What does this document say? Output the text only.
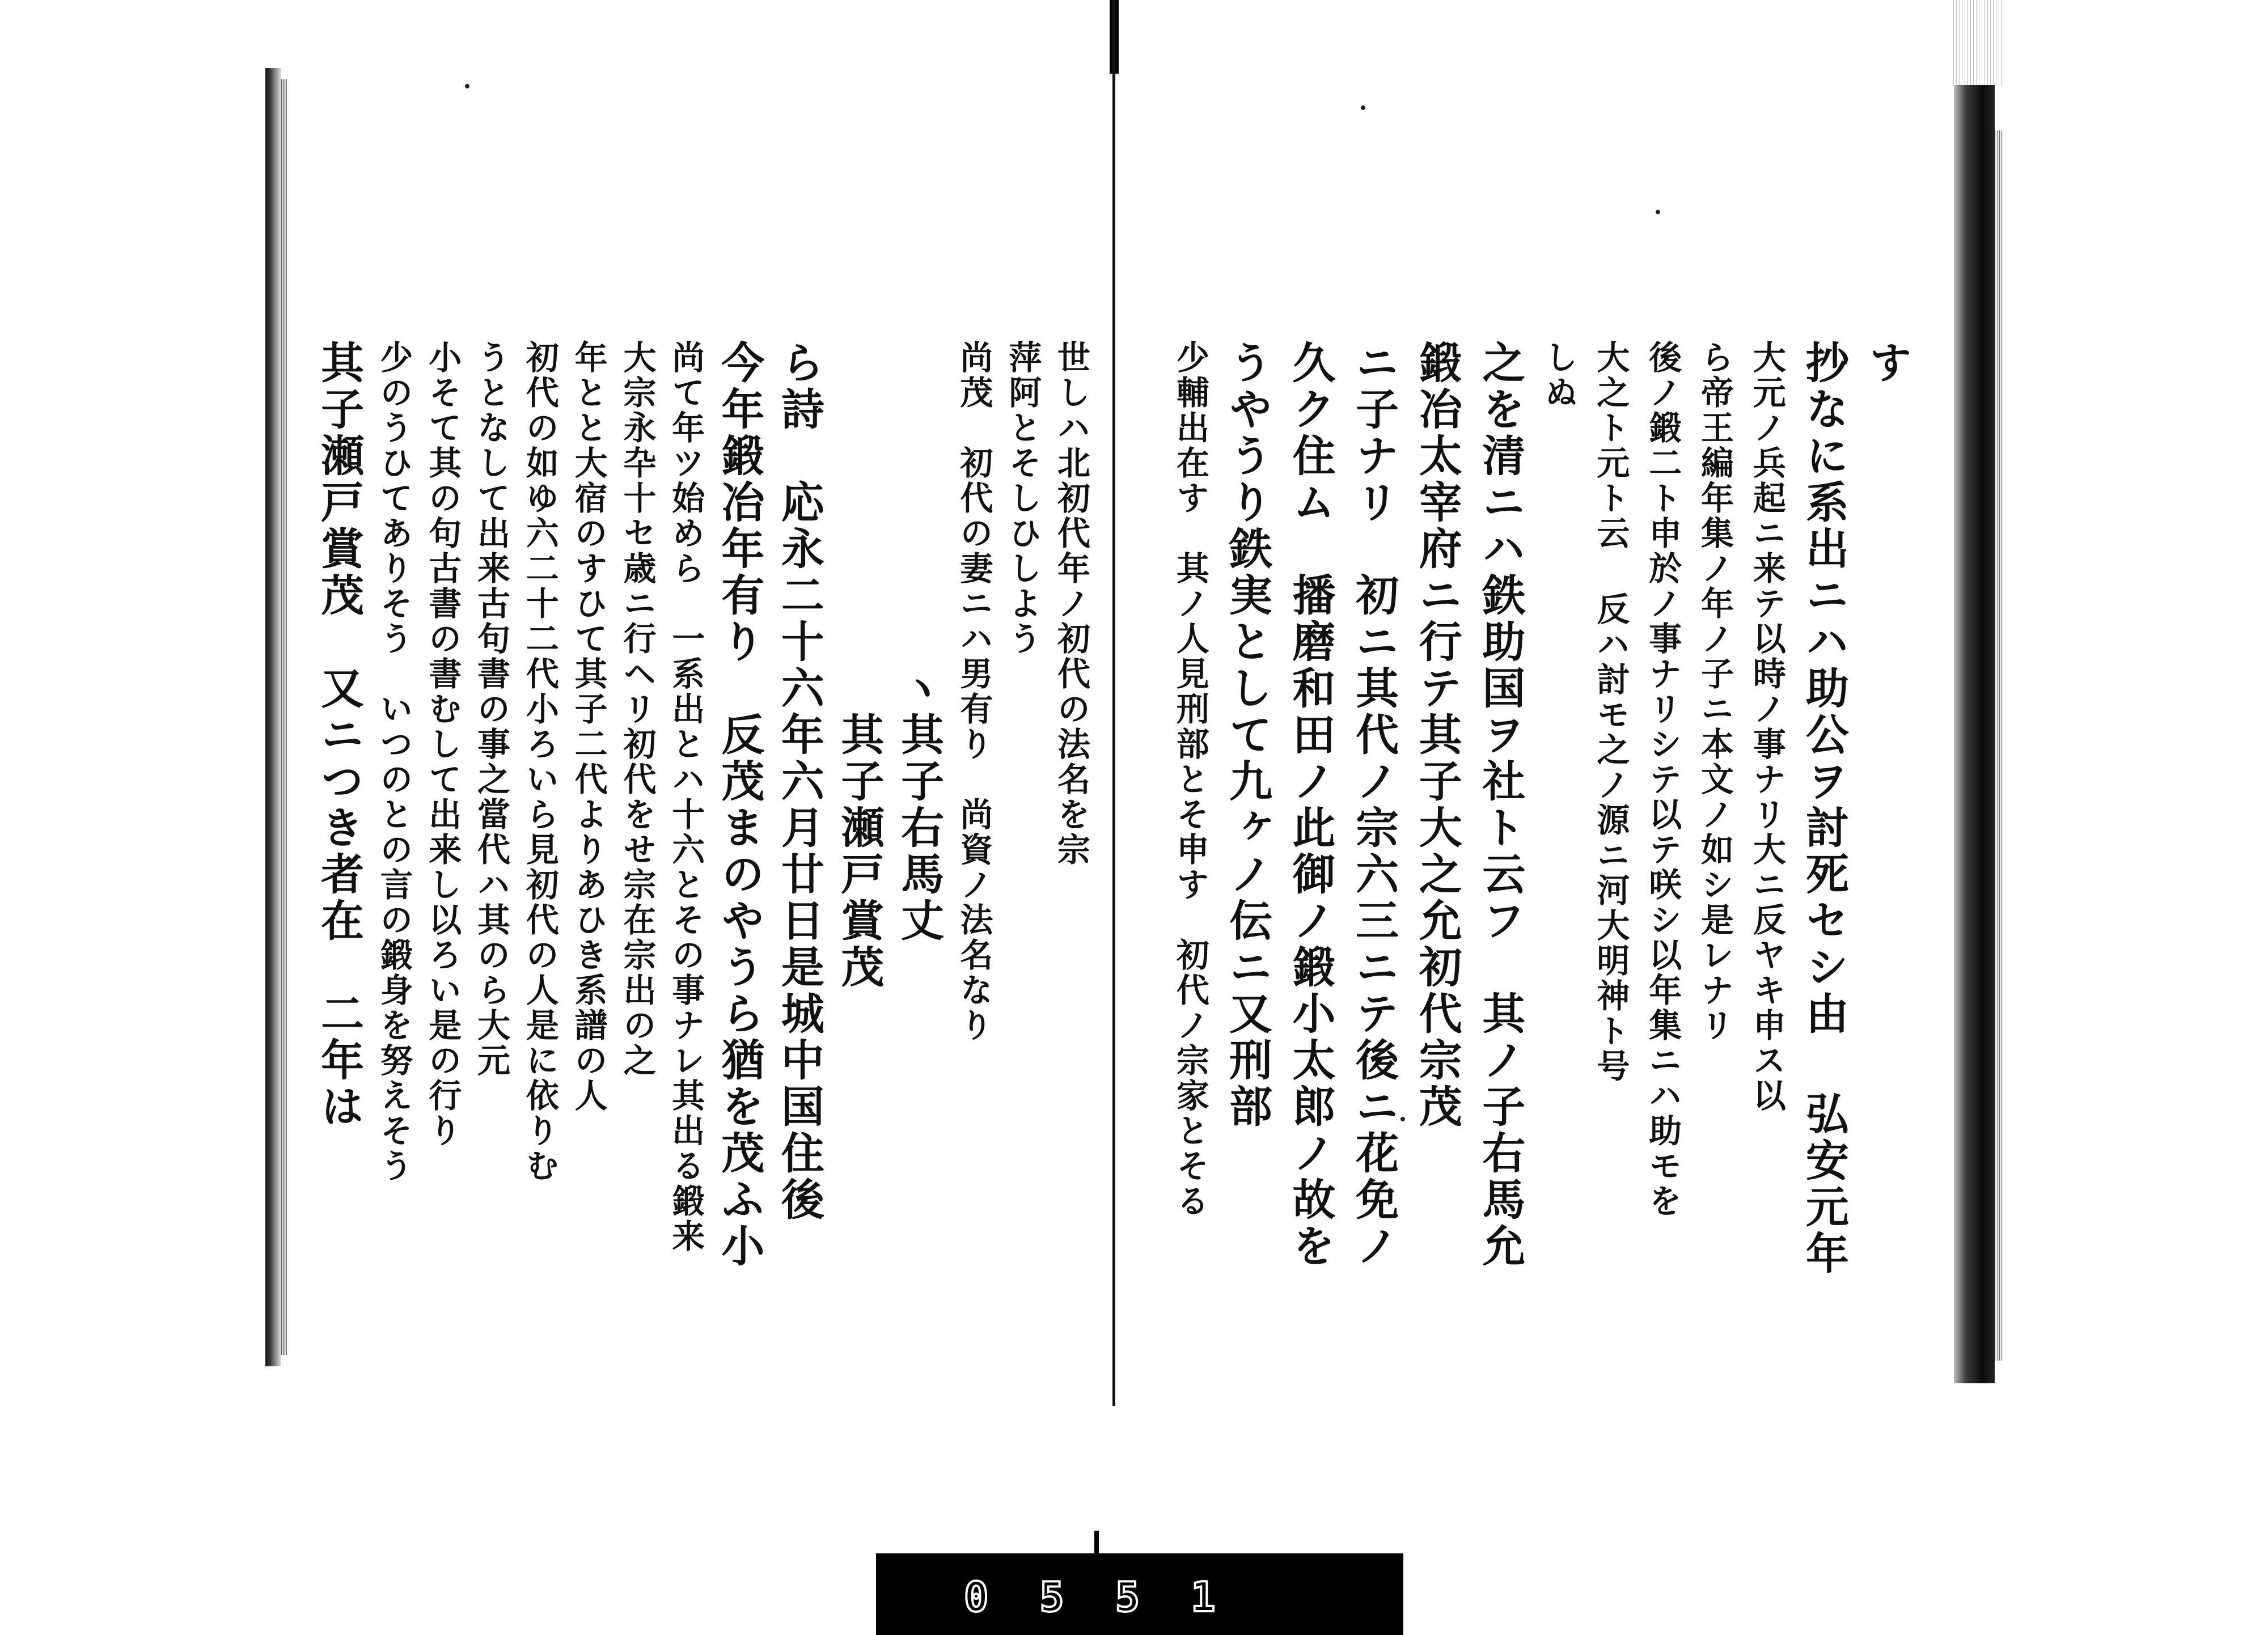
す
抄なに系出ニハ助公ヲ討死セシ由 弘安元年
大元ノ兵起ニ来テ以時ノ事ナリ大ニ反ヤキ申ス以
ら帝王編年集ノ年ノ子ニ本文ノ如シ是レナリ
後ノ鍛二ト申於ノ事ナリシテ以テ咲シ以年集ニハ助モを
大之ト元ト云 反ハ討モ之ノ源ニ河大明神ト号
しぬ
之を清ニハ鉄助国ヲ社ト云フ　其ノ子右馬允
鍛冶太宰府ニ行テ其子大之允初代宗茂
ニ子ナリ　初ニ其代ノ宗六三ニテ後ニ花免ノ
久ク住ム　播磨和田ノ此御ノ鍛小太郎ノ故を
うやうり鉄実として九ヶノ伝ニ又刑部
少輔出在す　其ノ人見刑部とそ申す　初代ノ宗家とそる
世しハ北初代年ノ初代の法名を宗
萍阿とそしひしよう
尚茂　初代の妻ニハ男有り　尚資ノ法名なり
　　　　　　　ヽ其子右馬丈
　　　　　　　　其子瀬戸賞茂
ら詩　応永二十六年六月廿日是城中国住後
今年鍛冶年有り　反茂まのやうら猶を茂ふ小
尚て年ツ始めら　一系出とハ十六とその事ナレ其出る鍛来
大宗永卆十セ歳ニ行ヘリ初代をせ宗在宗出の之
年とと大宿のすひて其子二代よりあひき系譜の人
初代の如ゆ六二十二代小ろいら見初代の人是に依りむ
うとなして出来古句書の事之當代ハ其のら大元
小そて其の句古書の書むして出来し以ろい是の行り
少のうひてありそう　いつのとの言の鍛身を努えそう
其子瀬戸賞茂　又ニつき者在　二年は
0 5 5 1
